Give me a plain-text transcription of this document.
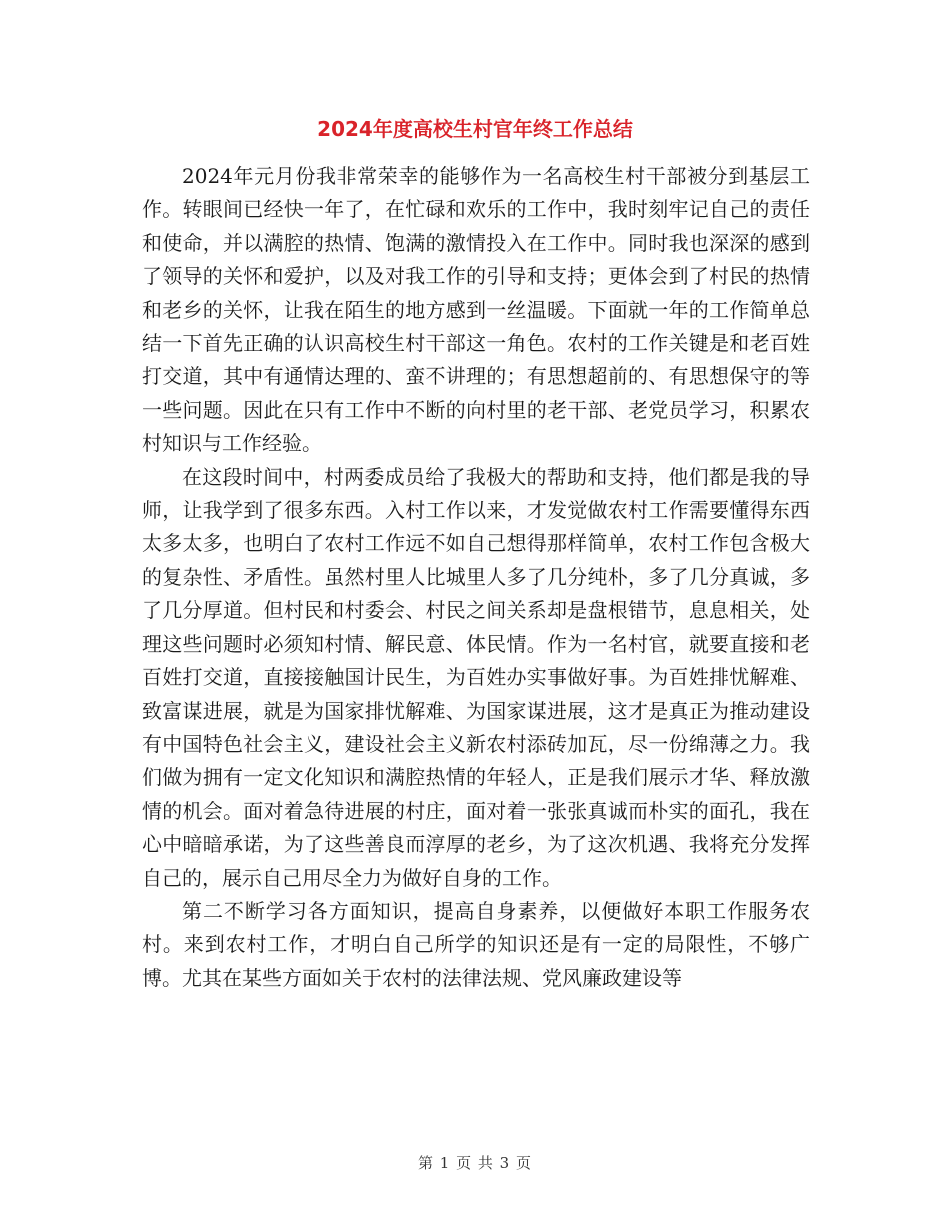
2024年度高校生村官年终工作总结

2024年元月份我非常荣幸的能够作为一名高校生村干部被分到基层工作。转眼间已经快一年了，在忙碌和欢乐的工作中，我时刻牢记自己的责任和使命，并以满腔的热情、饱满的激情投入在工作中。同时我也深深的感到了领导的关怀和爱护，以及对我工作的引导和支持；更体会到了村民的热情和老乡的关怀，让我在陌生的地方感到一丝温暖。下面就一年的工作简单总结一下首先正确的认识高校生村干部这一角色。农村的工作关键是和老百姓打交道，其中有通情达理的、蛮不讲理的；有思想超前的、有思想保守的等一些问题。因此在只有工作中不断的向村里的老干部、老党员学习，积累农村知识与工作经验。

在这段时间中，村两委成员给了我极大的帮助和支持，他们都是我的导师，让我学到了很多东西。入村工作以来，才发觉做农村工作需要懂得东西太多太多，也明白了农村工作远不如自己想得那样简单，农村工作包含极大的复杂性、矛盾性。虽然村里人比城里人多了几分纯朴，多了几分真诚，多了几分厚道。但村民和村委会、村民之间关系却是盘根错节，息息相关，处理这些问题时必须知村情、解民意、体民情。作为一名村官，就要直接和老百姓打交道，直接接触国计民生，为百姓办实事做好事。为百姓排忧解难、致富谋进展，就是为国家排忧解难、为国家谋进展，这才是真正为推动建设有中国特色社会主义，建设社会主义新农村添砖加瓦，尽一份绵薄之力。我们做为拥有一定文化知识和满腔热情的年轻人，正是我们展示才华、释放激情的机会。面对着急待进展的村庄，面对着一张张真诚而朴实的面孔，我在心中暗暗承诺，为了这些善良而淳厚的老乡，为了这次机遇、我将充分发挥自己的，展示自己用尽全力为做好自身的工作。

第二不断学习各方面知识，提高自身素养，以便做好本职工作服务农村。来到农村工作，才明白自己所学的知识还是有一定的局限性，不够广博。尤其在某些方面如关于农村的法律法规、党风廉政建设等

第 1 页 共 3 页
